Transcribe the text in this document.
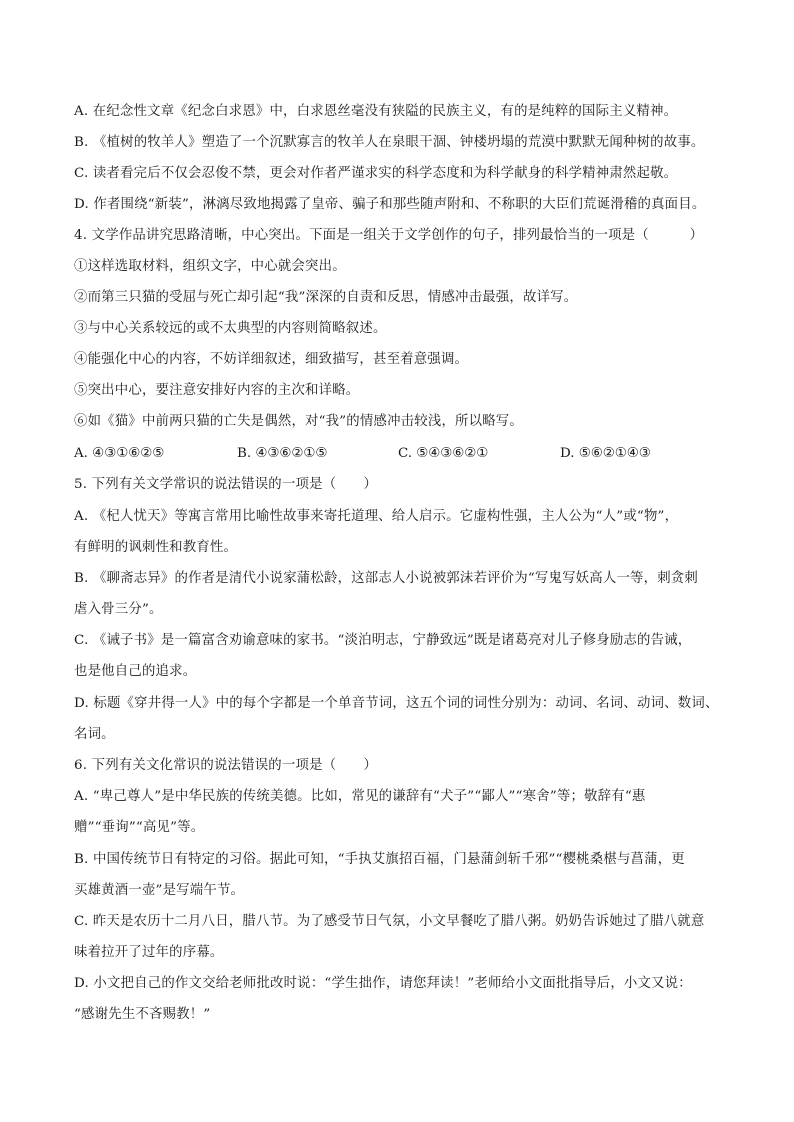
A. 在纪念性文章《纪念白求恩》中，白求恩丝毫没有狭隘的民族主义，有的是纯粹的国际主义精神。
B. 《植树的牧羊人》塑造了一个沉默寡言的牧羊人在泉眼干涸、钟楼坍塌的荒漠中默默无闻种树的故事。
C. 读者看完后不仅会忍俊不禁，更会对作者严谨求实的科学态度和为科学献身的科学精神肃然起敬。
D. 作者围绕“新装”，淋漓尽致地揭露了皇帝、骗子和那些随声附和、不称职的大臣们荒诞滑稽的真面目。
4. 文学作品讲究思路清晰，中心突出。下面是一组关于文学创作的句子，排列最恰当的一项是（　　　）
①这样选取材料，组织文字，中心就会突出。
②而第三只猫的受屈与死亡却引起“我”深深的自责和反思，情感冲击最强，故详写。
③与中心关系较远的或不太典型的内容则简略叙述。
④能强化中心的内容，不妨详细叙述，细致描写，甚至着意强调。
⑤突出中心，要注意安排好内容的主次和详略。
⑥如《猫》中前两只猫的亡失是偶然，对“我”的情感冲击较浅，所以略写。
A. ④③①⑥②⑤	B. ④③⑥②①⑤	C. ⑤④③⑥②①	D. ⑤⑥②①④③
5. 下列有关文学常识的说法错误的一项是（　　）
A. 《杞人忧天》等寓言常用比喻性故事来寄托道理、给人启示。它虚构性强，主人公为“人”或“物”，
有鲜明的讽刺性和教育性。
B. 《聊斋志异》的作者是清代小说家蒲松龄，这部志人小说被郭沫若评价为“写鬼写妖高人一等，刺贪刺
虐入骨三分”。
C. 《诫子书》是一篇富含劝谕意味的家书。“淡泊明志，宁静致远”既是诸葛亮对儿子修身励志的告诫，
也是他自己的追求。
D. 标题《穿井得一人》中的每个字都是一个单音节词，这五个词的词性分别为：动词、名词、动词、数词、
名词。
6. 下列有关文化常识的说法错误的一项是（　　）
A. “卑己尊人”是中华民族的传统美德。比如，常见的谦辞有“犬子”“鄙人”“寒舍”等；敬辞有“惠
赠”“垂询”“高见”等。
B. 中国传统节日有特定的习俗。据此可知，“手执艾旗招百福，门悬蒲剑斩千邪”“樱桃桑椹与菖蒲，更
买雄黄酒一壶”是写端午节。
C. 昨天是农历十二月八日，腊八节。为了感受节日气氛，小文早餐吃了腊八粥。奶奶告诉她过了腊八就意
味着拉开了过年的序幕。
D. 小文把自己的作文交给老师批改时说：“学生拙作，请您拜读！”老师给小文面批指导后，小文又说：
“感谢先生不吝赐教！”
